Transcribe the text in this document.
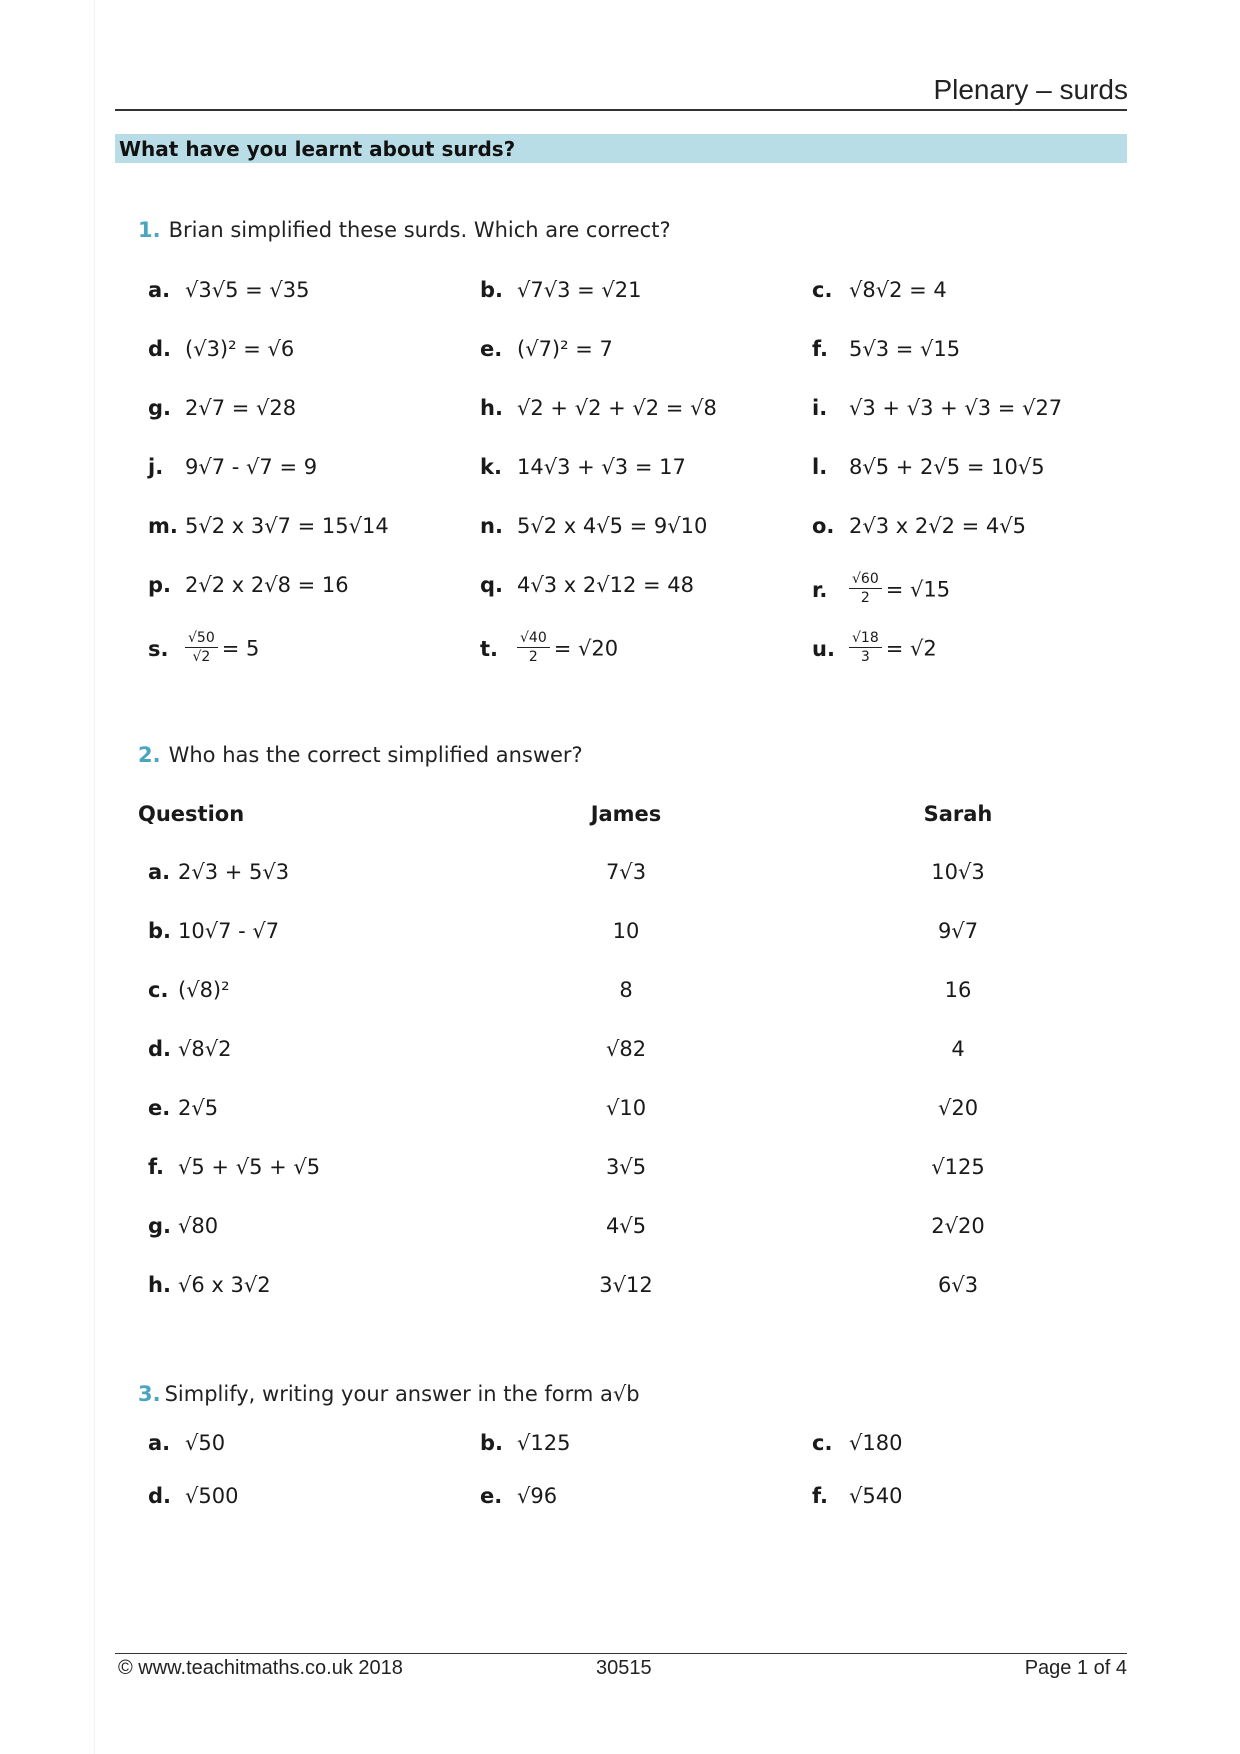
Plenary – surds
What have you learnt about surds?
1. Brian simplified these surds. Which are correct?
a. √3√5 = √35	b. √7√3 = √21	c. √8√2 = 4
d. (√3)² = √6	e. (√7)² = 7	f. 5√3 = √15
g. 2√7 = √28	h. √2 + √2 + √2 = √8	i. √3 + √3 + √3 = √27
j. 9√7 - √7 = 9	k. 14√3 + √3 = 17	l. 8√5 + 2√5 = 10√5
m. 5√2 x 3√7 = 15√14	n. 5√2 x 4√5 = 9√10	o. 2√3 x 2√2 = 4√5
p. 2√2 x 2√8 = 16	q. 4√3 x 2√12 = 48	r. $\frac{√60}{2} = √15$
s. $\frac{√50}{√2} = 5$	t. $\frac{√40}{2} = √20$	u. $\frac{√18}{3} = √2$
2. Who has the correct simplified answer?
Question	James	Sarah
a. 2√3 + 5√3	7√3	10√3
b. 10√7 - √7	10	9√7
c. (√8)²	8	16
d. √8√2	√82	4
e. 2√5	√10	√20
f. √5 + √5 + √5	3√5	√125
g. √80	4√5	2√20
h. √6 x 3√2	3√12	6√3
3. Simplify, writing your answer in the form a√b
a. √50	b. √125	c. √180
d. √500	e. √96	f. √540
© www.teachitmaths.co.uk 2018	30515	Page 1 of 4
